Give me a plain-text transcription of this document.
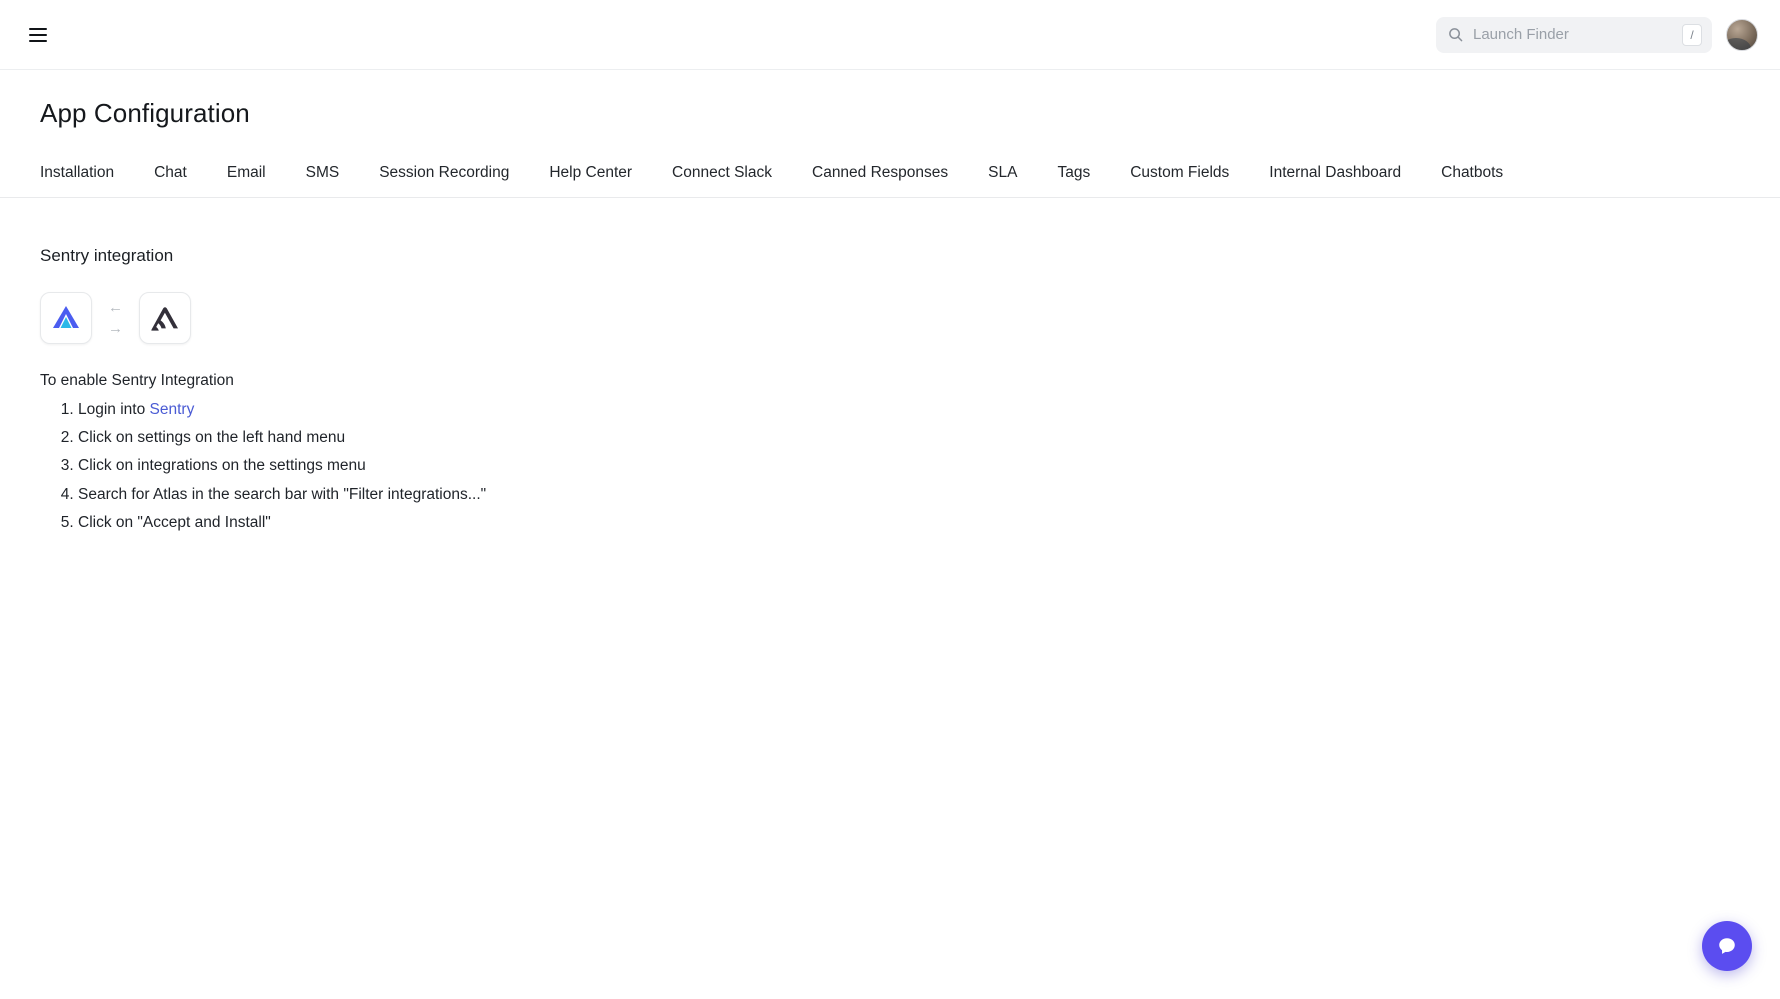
Launch Finder
/
App Configuration
Installation	Chat	Email	SMS	Session Recording	Help Center	Connect Slack	Canned Responses	SLA	Tags	Custom Fields	Internal Dashboard	Chatbots
Sentry integration
←
→
To enable Sentry Integration
1. Login into Sentry
2. Click on settings on the left hand menu
3. Click on integrations on the settings menu
4. Search for Atlas in the search bar with "Filter integrations..."
5. Click on "Accept and Install"
